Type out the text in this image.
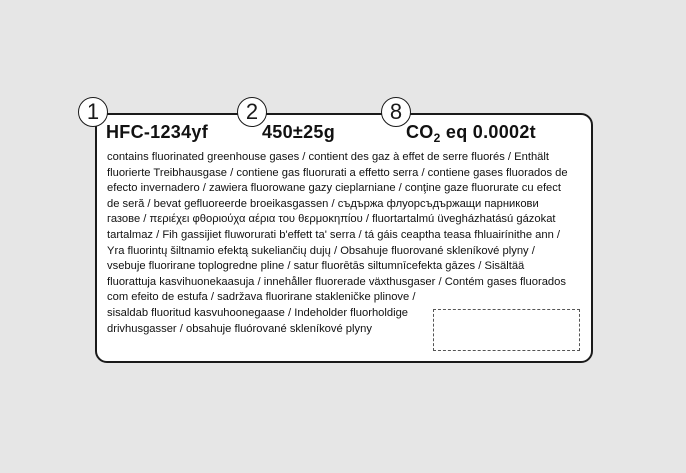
1	2	8
HFC-1234yf	450±25g	$CO_2$ eq 0.0002t
contains fluorinated greenhouse gases / contient des gaz à effet de serre fluorés / Enthält
fluorierte Treibhausgase / contiene gas fluorurati a effetto serra / contiene gases fluorados de
efecto invernadero / zawiera fluorowane gazy cieplarniane / conţine gaze fluorurate cu efect
de seră / bevat gefluoreerde broeikasgassen / съдържа флуорсъдържащи парникови
газове / περιέχει φθοριούχα αέρια του θερμοκηπίου / fluortartalmú üvegházhatású gázokat
tartalmaz / Fih gassijiet fluworurati b'effett ta' serra / tá gáis ceaptha teasa fhluairínithe ann /
Yra fluorintų šiltnamio efektą sukeliančių dujų / Obsahuje fluorované skleníkové plyny /
vsebuje fluorirane toplogredne pline / satur fluorētās siltumnīcefekta gāzes / Sisältää
fluorattuja kasvihuonekaasuja / innehåller fluorerade växthusgaser / Contém gases fluorados
com efeito de estufa / sadržava fluorirane stakleničke plinove /
sisaldab fluoritud kasvuhoonegaase / Indeholder fluorholdige
drivhusgasser / obsahuje fluórované skleníkové plyny
